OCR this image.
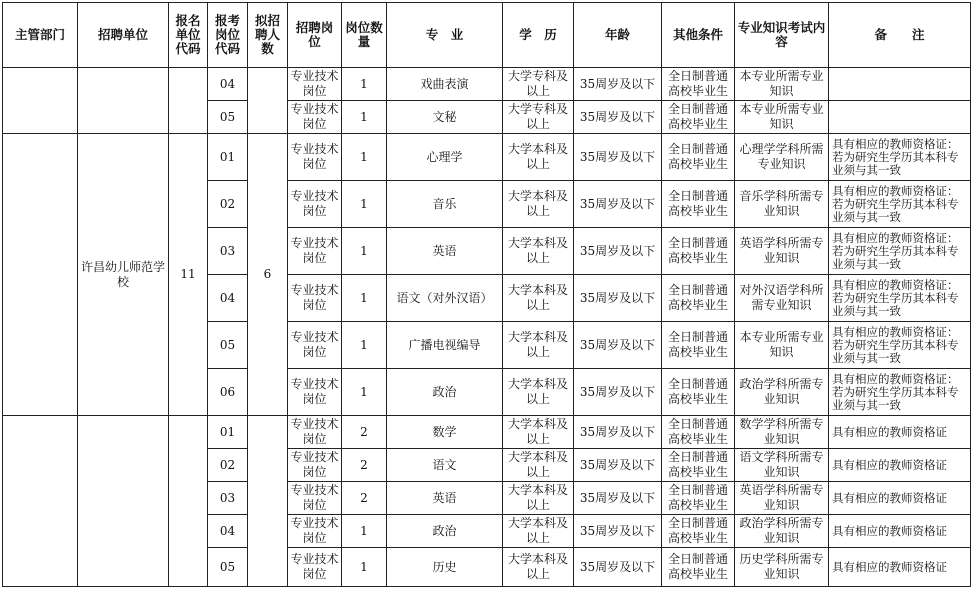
主管部门	招聘单位	报名单位代码	报考岗位代码	拟招聘人数	招聘岗位	岗位数量	专　业	学　历	年龄	其他条件	专业知识考试内容	备　　注
			04		专业技术岗位	1	戏曲表演	大学专科及以上	35周岁及以下	全日制普通高校毕业生	本专业所需专业知识	
			05		专业技术岗位	1	文秘	大学专科及以上	35周岁及以下	全日制普通高校毕业生	本专业所需专业知识	
	许昌幼儿师范学校	11	01	6	专业技术岗位	1	心理学	大学本科及以上	35周岁及以下	全日制普通高校毕业生	心理学学科所需专业知识	具有相应的教师资格证：若为研究生学历其本科专业须与其一致
			02		专业技术岗位	1	音乐	大学本科及以上	35周岁及以下	全日制普通高校毕业生	音乐学科所需专业知识	具有相应的教师资格证：若为研究生学历其本科专业须与其一致
			03		专业技术岗位	1	英语	大学本科及以上	35周岁及以下	全日制普通高校毕业生	英语学科所需专业知识	具有相应的教师资格证：若为研究生学历其本科专业须与其一致
			04		专业技术岗位	1	语文（对外汉语）	大学本科及以上	35周岁及以下	全日制普通高校毕业生	对外汉语学科所需专业知识	具有相应的教师资格证：若为研究生学历其本科专业须与其一致
			05		专业技术岗位	1	广播电视编导	大学本科及以上	35周岁及以下	全日制普通高校毕业生	本专业所需专业知识	具有相应的教师资格证：若为研究生学历其本科专业须与其一致
			06		专业技术岗位	1	政治	大学本科及以上	35周岁及以下	全日制普通高校毕业生	政治学科所需专业知识	具有相应的教师资格证：若为研究生学历其本科专业须与其一致
			01		专业技术岗位	2	数学	大学本科及以上	35周岁及以下	全日制普通高校毕业生	数学学科所需专业知识	具有相应的教师资格证
			02		专业技术岗位	2	语文	大学本科及以上	35周岁及以下	全日制普通高校毕业生	语文学科所需专业知识	具有相应的教师资格证
			03		专业技术岗位	2	英语	大学本科及以上	35周岁及以下	全日制普通高校毕业生	英语学科所需专业知识	具有相应的教师资格证
			04		专业技术岗位	1	政治	大学本科及以上	35周岁及以下	全日制普通高校毕业生	政治学科所需专业知识	具有相应的教师资格证
			05		专业技术岗位	1	历史	大学本科及以上	35周岁及以下	全日制普通高校毕业生	历史学科所需专业知识	具有相应的教师资格证
